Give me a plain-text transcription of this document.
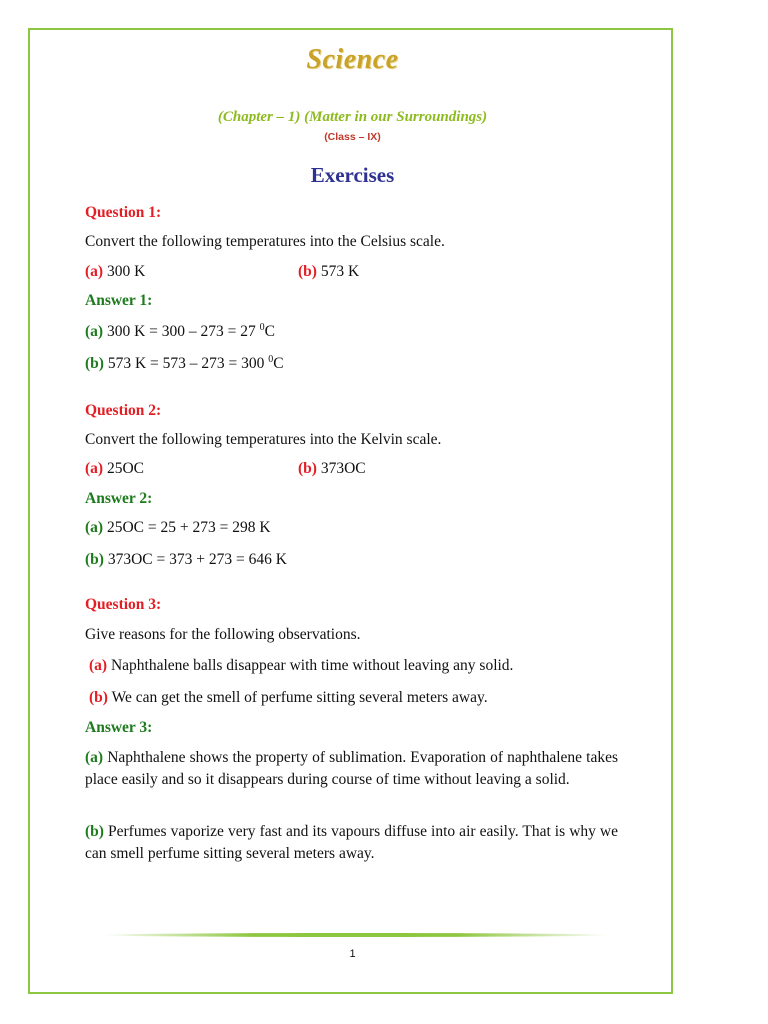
Science
(Chapter – 1) (Matter in our Surroundings)
(Class – IX)
Exercises
Question 1:
Convert the following temperatures into the Celsius scale.
(a) 300 K	(b) 573 K
Answer 1:
(a) 300 K = 300 – 273 = 27 $^0$C
(b) 573 K = 573 – 273 = 300 $^0$C
Question 2:
Convert the following temperatures into the Kelvin scale.
(a) 25OC	(b) 373OC
Answer 2:
(a) 25OC = 25 + 273 = 298 K
(b) 373OC = 373 + 273 = 646 K
Question 3:
Give reasons for the following observations.
(a) Naphthalene balls disappear with time without leaving any solid.
(b) We can get the smell of perfume sitting several meters away.
Answer 3:
(a) Naphthalene shows the property of sublimation. Evaporation of naphthalene takes place easily and so it disappears during course of time without leaving a solid.
(b) Perfumes vaporize very fast and its vapours diffuse into air easily. That is why we can smell perfume sitting several meters away.
1
